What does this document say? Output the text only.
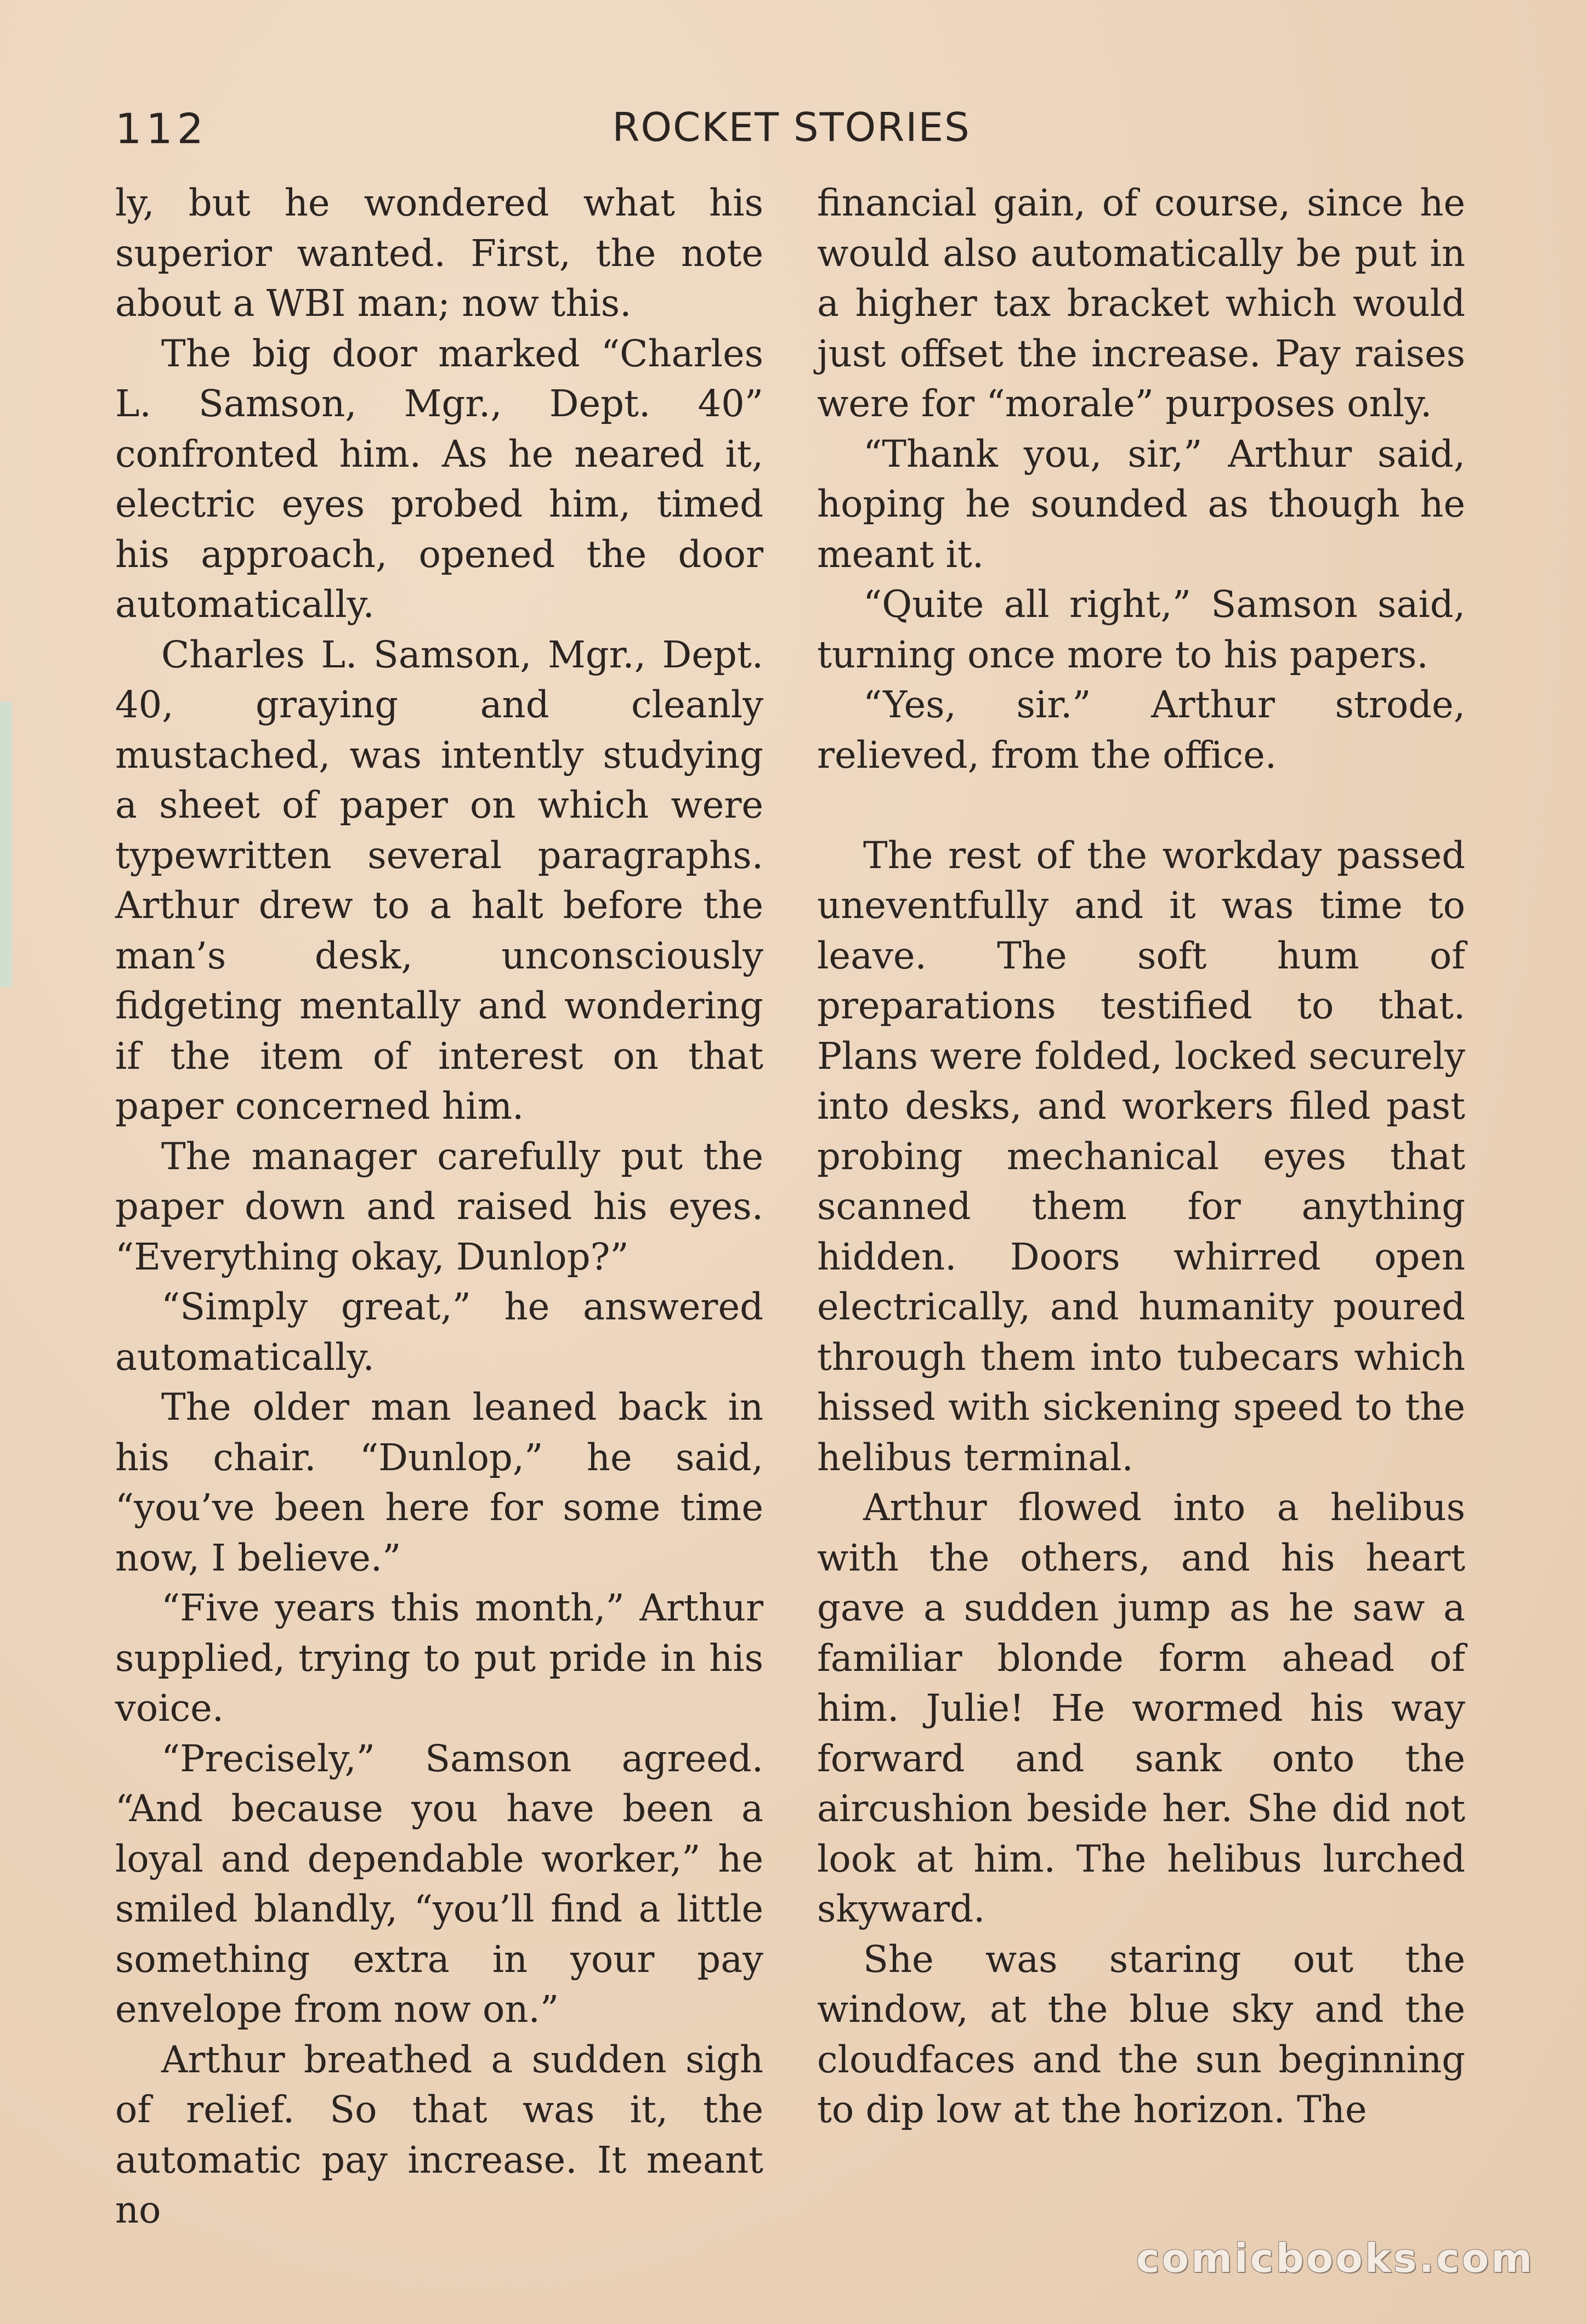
112	ROCKET STORIES

ly, but he wondered what his superior wanted. First, the note about a WBI man; now this.

The big door marked “Charles L. Samson, Mgr., Dept. 40” confronted him. As he neared it, electric eyes probed him, timed his approach, opened the door automatically.

Charles L. Samson, Mgr., Dept. 40, graying and cleanly mustached, was intently studying a sheet of paper on which were typewritten several paragraphs. Arthur drew to a halt before the man’s desk, unconsciously fidgeting mentally and wondering if the item of interest on that paper concerned him.

The manager carefully put the paper down and raised his eyes. “Everything okay, Dunlop?”

“Simply great,” he answered automatically.

The older man leaned back in his chair. “Dunlop,” he said, “you’ve been here for some time now, I believe.”

“Five years this month,” Arthur supplied, trying to put pride in his voice.

“Precisely,” Samson agreed. “And because you have been a loyal and dependable worker,” he smiled blandly, “you’ll find a little something extra in your pay envelope from now on.”

Arthur breathed a sudden sigh of relief. So that was it, the automatic pay increase. It meant no

financial gain, of course, since he would also automatically be put in a higher tax bracket which would just offset the increase. Pay raises were for “morale” purposes only.

“Thank you, sir,” Arthur said, hoping he sounded as though he meant it.

“Quite all right,” Samson said, turning once more to his papers.

“Yes, sir.” Arthur strode, relieved, from the office.

The rest of the workday passed uneventfully and it was time to leave. The soft hum of preparations testified to that. Plans were folded, locked securely into desks, and workers filed past probing mechanical eyes that scanned them for anything hidden. Doors whirred open electrically, and humanity poured through them into tubecars which hissed with sickening speed to the helibus terminal.

Arthur flowed into a helibus with the others, and his heart gave a sudden jump as he saw a familiar blonde form ahead of him. Julie! He wormed his way forward and sank onto the aircushion beside her. She did not look at him. The helibus lurched skyward.

She was staring out the window, at the blue sky and the cloudfaces and the sun beginning to dip low at the horizon. The

comicbooks.com
